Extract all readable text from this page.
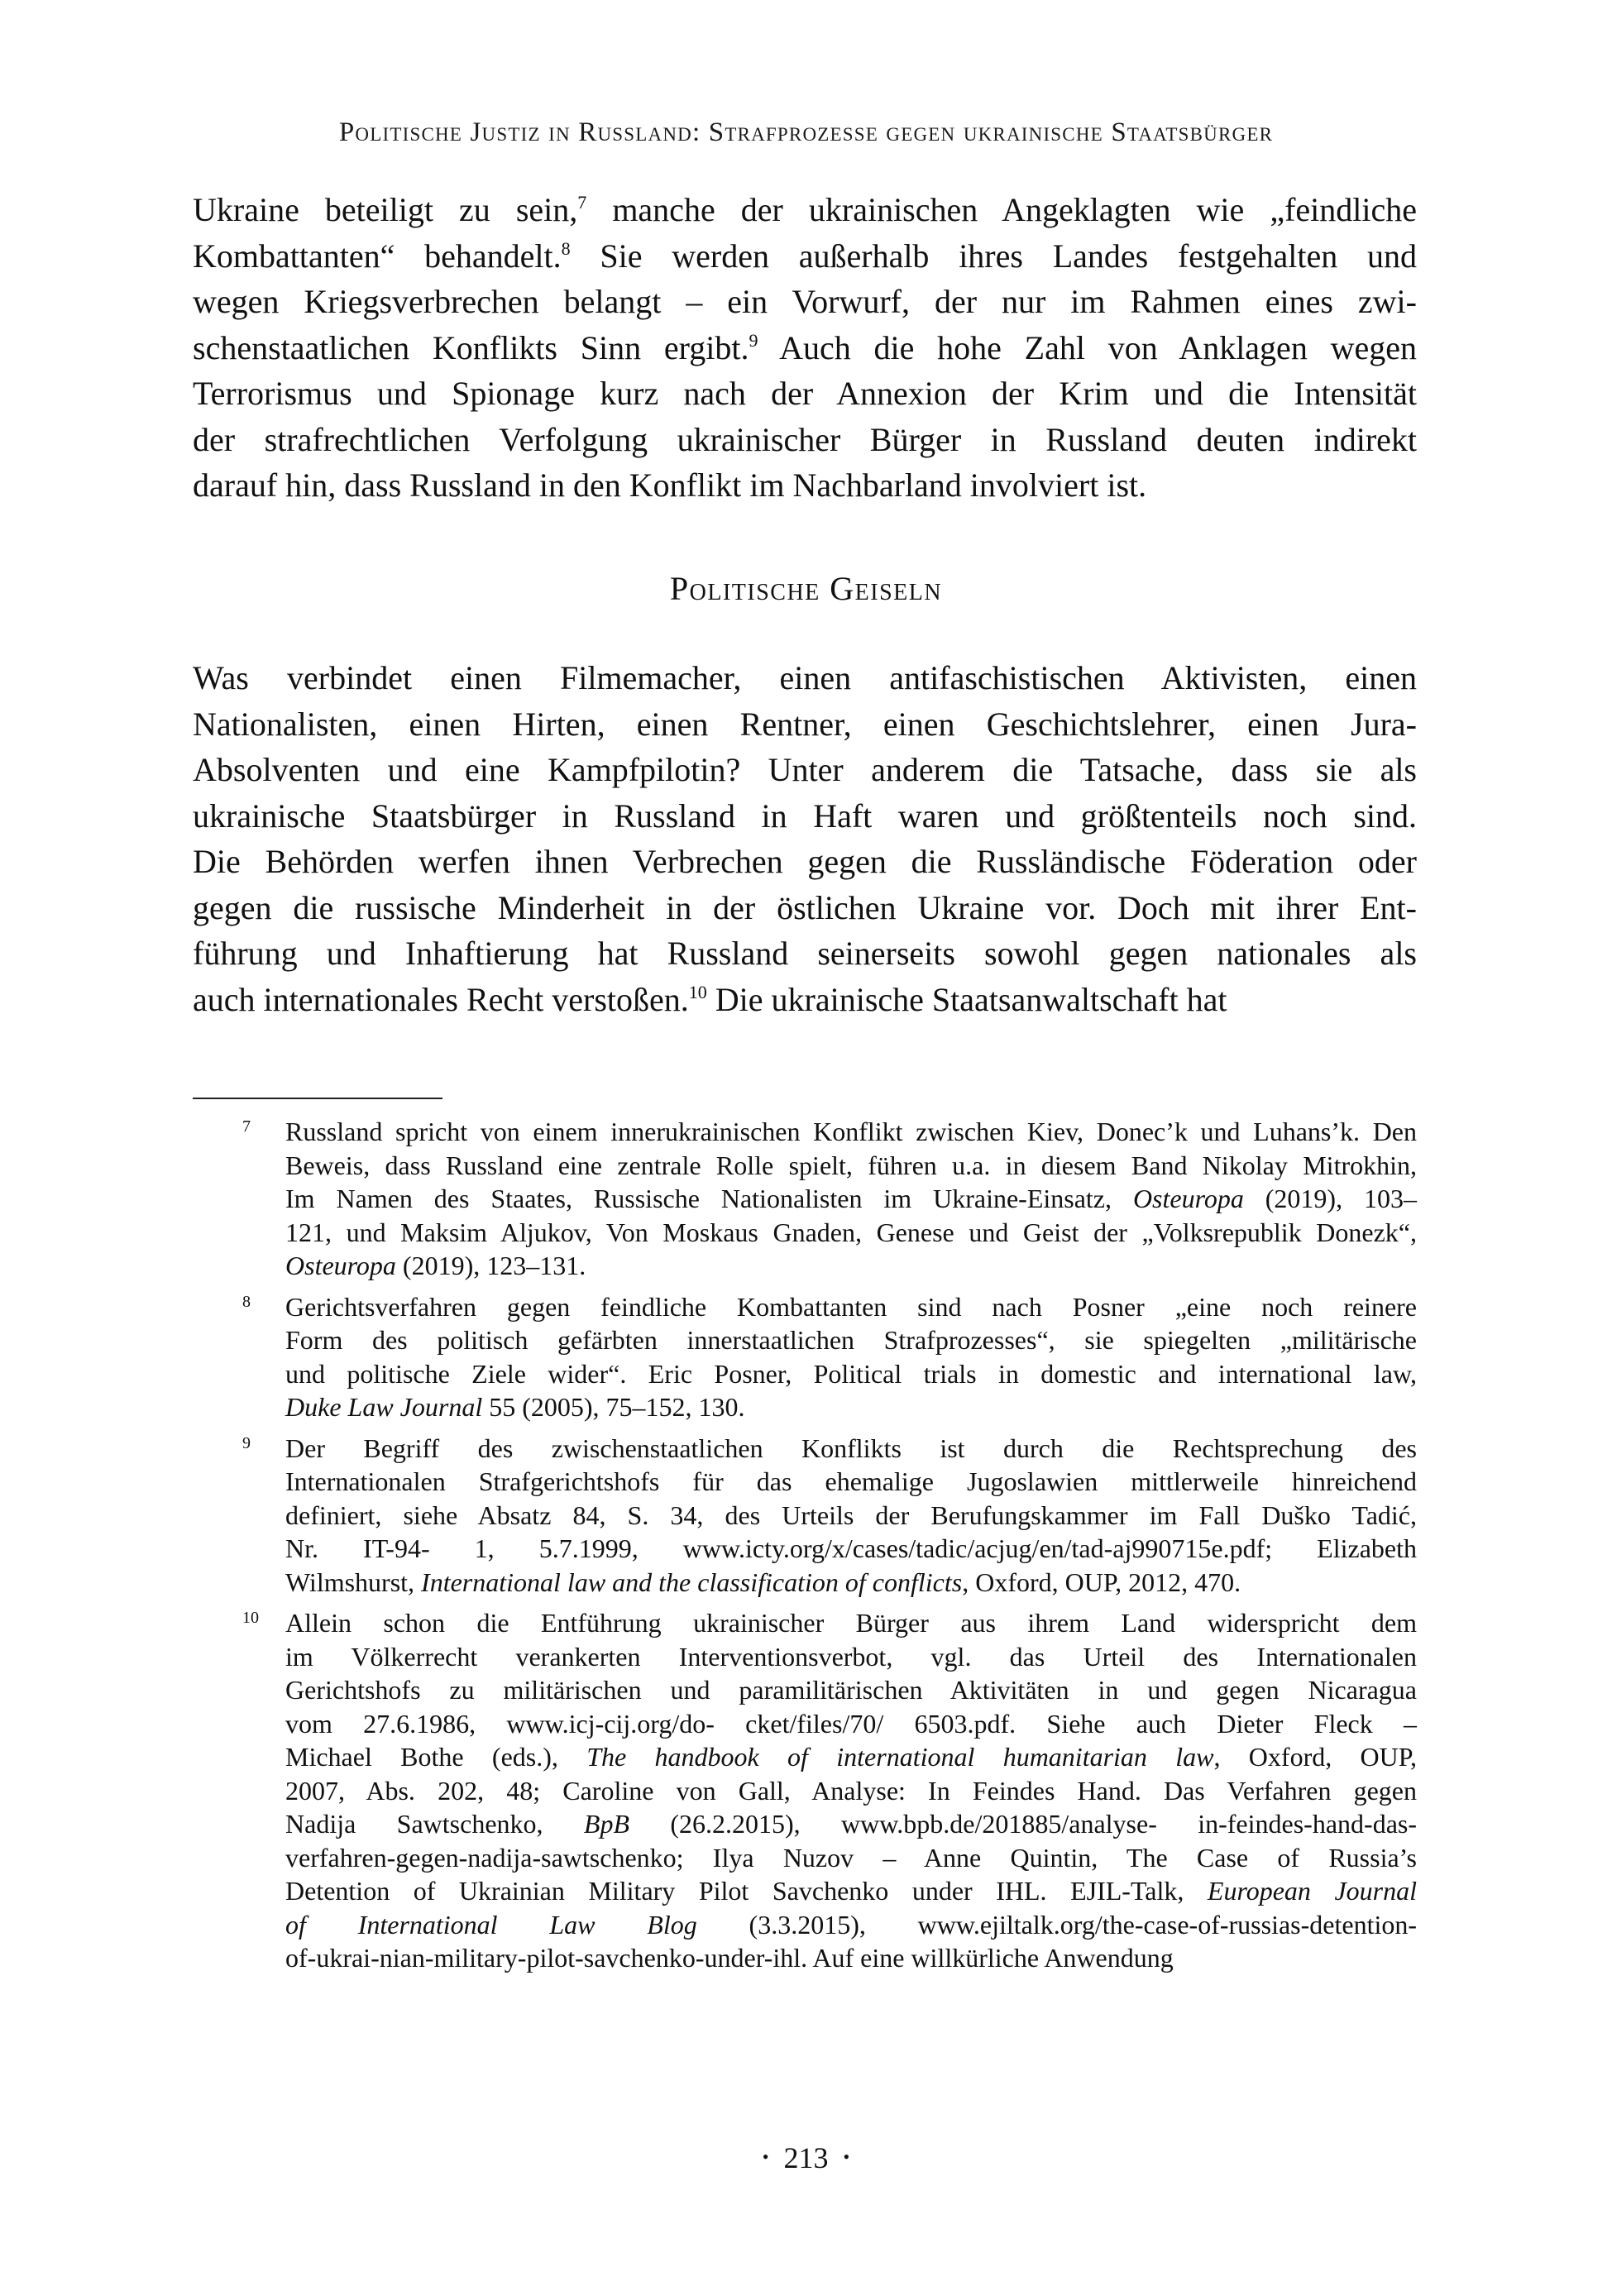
Politische Justiz in Russland: Strafprozesse gegen ukrainische Staatsbürger
Ukraine beteiligt zu sein,$^7$ manche der ukrainischen Angeklagten wie „feindliche
Kombattanten“ behandelt.$^8$ Sie werden außerhalb ihres Landes festgehalten und
wegen Kriegsverbrechen belangt – ein Vorwurf, der nur im Rahmen eines zwi-
schenstaatlichen Konflikts Sinn ergibt.$^9$ Auch die hohe Zahl von Anklagen wegen
Terrorismus und Spionage kurz nach der Annexion der Krim und die Intensität
der strafrechtlichen Verfolgung ukrainischer Bürger in Russland deuten indirekt
darauf hin, dass Russland in den Konflikt im Nachbarland involviert ist.
Politische Geiseln
Was verbindet einen Filmemacher, einen antifaschistischen Aktivisten, einen
Nationalisten, einen Hirten, einen Rentner, einen Geschichtslehrer, einen Jura-
Absolventen und eine Kampfpilotin? Unter anderem die Tatsache, dass sie als
ukrainische Staatsbürger in Russland in Haft waren und größtenteils noch sind.
Die Behörden werfen ihnen Verbrechen gegen die Russländische Föderation oder
gegen die russische Minderheit in der östlichen Ukraine vor. Doch mit ihrer Ent-
führung und Inhaftierung hat Russland seinerseits sowohl gegen nationales als
auch internationales Recht verstoßen.$^{10}$ Die ukrainische Staatsanwaltschaft hat
7 Russland spricht von einem innerukrainischen Konflikt zwischen Kiev, Donec’k und Luhans’k. Den
Beweis, dass Russland eine zentrale Rolle spielt, führen u.a. in diesem Band Nikolay Mitrokhin,
Im Namen des Staates, Russische Nationalisten im Ukraine-Einsatz, Osteuropa (2019), 103–
121, und Maksim Aljukov, Von Moskaus Gnaden, Genese und Geist der „Volksrepublik Donezk“,
Osteuropa (2019), 123–131.
8 Gerichtsverfahren gegen feindliche Kombattanten sind nach Posner „eine noch reinere
Form des politisch gefärbten innerstaatlichen Strafprozesses“, sie spiegelten „militärische
und politische Ziele wider“. Eric Posner, Political trials in domestic and international law,
Duke Law Journal 55 (2005), 75–152, 130.
9 Der Begriff des zwischenstaatlichen Konflikts ist durch die Rechtsprechung des
Internationalen Strafgerichtshofs für das ehemalige Jugoslawien mittlerweile hinreichend
definiert, siehe Absatz 84, S. 34, des Urteils der Berufungskammer im Fall Duško Tadić,
Nr. IT-94- 1, 5.7.1999, www.icty.org/x/cases/tadic/acjug/en/tad-aj990715e.pdf; Elizabeth
Wilmshurst, International law and the classification of conflicts, Oxford, OUP, 2012, 470.
10 Allein schon die Entführung ukrainischer Bürger aus ihrem Land widerspricht dem
im Völkerrecht verankerten Interventionsverbot, vgl. das Urteil des Internationalen
Gerichtshofs zu militärischen und paramilitärischen Aktivitäten in und gegen Nicaragua
vom 27.6.1986, www.icj-cij.org/do- cket/files/70/ 6503.pdf. Siehe auch Dieter Fleck –
Michael Bothe (eds.), The handbook of international humanitarian law, Oxford, OUP,
2007, Abs. 202, 48; Caroline von Gall, Analyse: In Feindes Hand. Das Verfahren gegen
Nadija Sawtschenko, BpB (26.2.2015), www.bpb.de/201885/analyse- in-feindes-hand-das-
verfahren-gegen-nadija-sawtschenko; Ilya Nuzov – Anne Quintin, The Case of Russia’s
Detention of Ukrainian Military Pilot Savchenko under IHL. EJIL-Talk, European Journal
of International Law Blog (3.3.2015), www.ejiltalk.org/the-case-of-russias-detention-
of-ukrai-nian-military-pilot-savchenko-under-ihl. Auf eine willkürliche Anwendung
• 213 •
